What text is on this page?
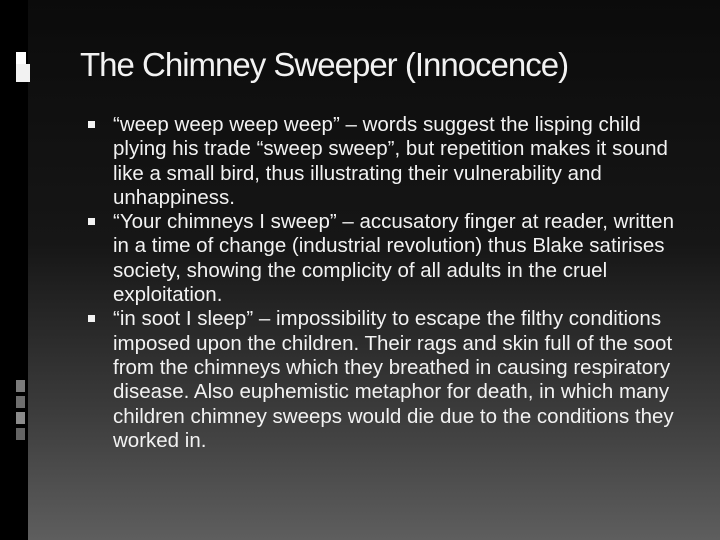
The Chimney Sweeper (Innocence)
“weep weep weep weep” – words suggest the lisping child plying his trade “sweep sweep”, but repetition makes it sound like a small bird, thus illustrating their vulnerability and unhappiness.
“Your chimneys I sweep” – accusatory finger at reader, written in a time of change (industrial revolution) thus Blake satirises society, showing the complicity of all adults in the cruel exploitation.
“in soot I sleep” – impossibility to escape the filthy conditions imposed upon the children. Their rags and skin full of the soot from the chimneys which they breathed in causing respiratory disease. Also euphemistic metaphor for death, in which many children chimney sweeps would die due to the conditions they worked in.
